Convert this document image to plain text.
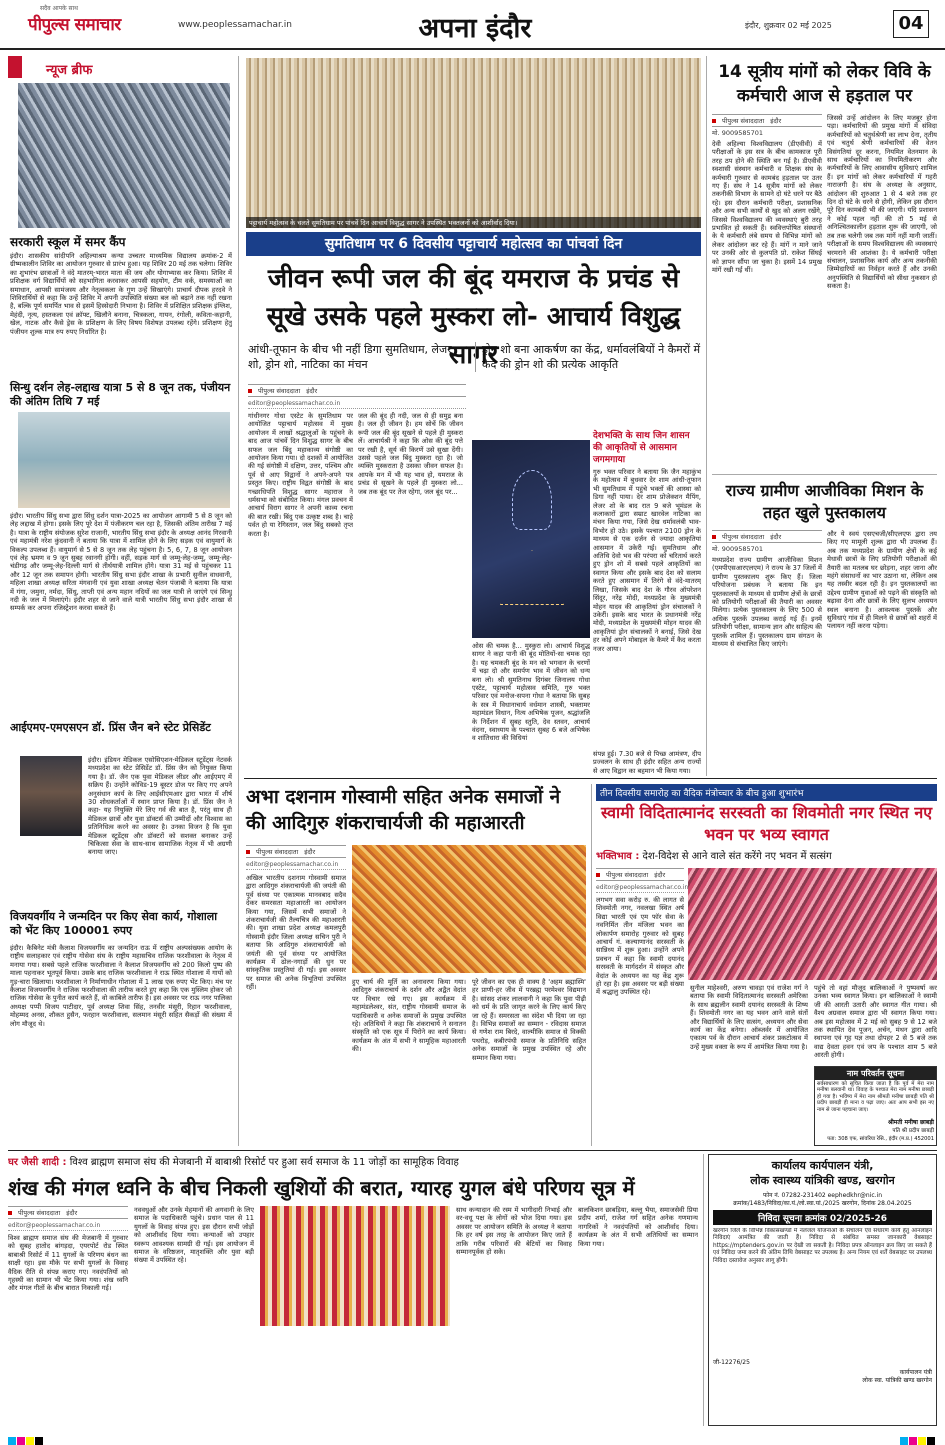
सदैव आपके साथ
पीपुल्स समाचार	www.peoplessamachar.in	अपना इंदौर	इंदौर, शुक्रवार 02 मई 2025	04
न्यूज ब्रीफ
सरकारी स्कूल में समर कैंप
इंदौर। शासकीय सांदीपनि अहिल्याश्रम कन्या उच्चतर माध्यमिक विद्यालय क्रमांक-2 में ग्रीष्मकालीन शिविर का आयोजन गुरुवार से प्रारंभ हुआ। यह शिविर 20 मई तक चलेगा। शिविर का शुभारंभ छात्राओं ने वंदे मातरम्-भारत माता की जय और योगाभ्यास कर किया। शिविर में प्रशिक्षक वर्ग विद्यार्थियों को सहभागिता करवाकर आपसी सहयोग, टीम वर्क, समस्याओं का समाधान, आपसी सामंजस्य और नेतृत्वकला के गुण उन्हें सिखाएंगे। प्राचार्य दीपक हरदवे ने शिविरार्थियों से कहा कि उन्हें शिविर में अपनी उपस्थिति संख्या बल को बढ़ाने तक नहीं रखना है, बल्कि पूर्ण समर्पित भाव से इसमें हिस्सेदारी निभाना है। शिविर में प्रशिक्षित प्रशिक्षक इंग्लिश, मेहंदी, नृत्य, हस्तकला एवं क्रॉफ्ट, खिलौने बनाना, चित्रकला, गायन, रंगोली, कविता-कहानी, खेल, नाटक और कैसे ड्रेस के प्रशिक्षण के लिए विषय विशेषज्ञ उपलब्ध रहेंगे। प्रशिक्षण हेतु पंजीयन शुल्क मात्र रुप रुपए निर्धारित है।
सिन्धु दर्शन लेह-लद्दाख यात्रा 5 से 8 जून तक, पंजीयन की अंतिम तिथि 7 मई
इंदौर। भारतीय सिंधु सभा द्वारा सिंधु दर्शन यात्रा-2025 का आयोजन आगामी 5 से 8 जून को लेह लद्दाख में होगा। इसके लिए पूरे देश में पंजीकरण चल रहा है, जिसकी अंतिम तारीख 7 मई है। यात्रा के राष्ट्रीय संयोजक सुरेश राजानी, भारतीय सिंधु सभा इंदौर के अध्यक्ष आनंद गिरवानी एवं महामंत्री नरेश कुंदवानी ने बताया कि यात्रा में शामिल होने के लिए सड़क एवं वायुमार्ग के विकल्प उपलब्ध हैं। वायुमार्ग से 5 से 8 जून तक लेह पहुंचना है। 5, 6, 7, 8 जून आयोजन एवं लेह भ्रमण व 9 जून सुबह रवानगी होगी। वहीं, सड़क मार्ग से जम्मू-लेह-जम्मू, जम्मू-लेह-चंडीगढ़ और जम्मू-लेह-दिल्ली मार्ग से तीर्थयात्री शामिल होंगे। यात्रा 31 मई से पहुंचकर 11 और 12 जून तक समापन होगी। भारतीय सिंधु सभा इंदौर शाखा के प्रभारी सुनील वाधवानी, महिला शाखा अध्यक्ष सरिता मंगवानी एवं युवा शाखा अध्यक्ष चेतन पंजाबी ने बताया कि यात्रा में गंगा, जमुना, नर्मदा, सिंधु, ताप्ती एवं अन्य महान नदियों का जल यात्री ले जाएंगे एवं सिन्धु नदी के जल में मिलाएंगे। इंदौर शहर से जाने वाले यात्री भारतीय सिंधु सभा इंदौर शाखा से सम्पर्क कर अपना रजिस्ट्रेशन करवा सकते हैं।
आईएमए-एमएसएन डॉ. प्रिंस जैन बने स्टेट प्रेसिडेंट
इंदौर। इंडियन मेडिकल एसोसिएशन-मेडिकल स्टूडेंट्स नेटवर्क मध्यप्रदेश का स्टेट प्रेसिडेंट डॉ. प्रिंस जैन को नियुक्त किया गया है। डॉ. जैन एक युवा मेडिकल लीडर और आईएमए में सक्रिय हैं। उन्होंने कोविड-19 बूस्टर डोज पर किए गए अपने अनुसंधान कार्य के लिए आईसीएमआर द्वारा भारत में शीर्ष 30 शोधकर्ताओं में स्थान प्राप्त किया है। डॉ. प्रिंस जैन ने कहा- यह नियुक्ति मेरे लिए गर्व की बात है, परंतु साथ ही मेडिकल छात्रों और युवा डॉक्टर्स की उम्मीदों और विश्वास का प्रतिनिधित्व करने का अवसर है। उनका विजन है कि युवा मेडिकल स्टूडेंट्स और डॉक्टरों को सशक्त बनाकर उन्हें चिकित्सा सेवा के साथ-साथ सामाजिक नेतृत्व में भी अग्रणी बनाया जाए।
विजयवर्गीय ने जन्मदिन पर किए सेवा कार्य, गोशाला को भेंट किए 100001 रुपए
इंदौर। कैबिनेट मंत्री कैलाश विजयवर्गीय का जन्मदिन राऊ में राष्ट्रीय अल्पसंख्यक आयोग के राष्ट्रीय सलाहकार एवं राष्ट्रीय गोसेवा संघ के राष्ट्रीय महासचिव राजिक फरशीवाला के नेतृत्व में मनाया गया। सबसे पहले राजिक फरशीवाला ने कैलाश विजयवर्गीय को 200 किलो पुष्प की माला पहनाकर भूतपूर्व किया। उसके बाद राजिक फरशीवाला ने राऊ स्थित गोशाला में गायों को गुड़-चारा खिलाया। फरशीवाला ने निर्माणाधीन गोशाला में 1 लाख एक रुपए भेंट किए। मंच पर कैलाश विजयवर्गीय ने राजिक फरशीवाला की तारीफ करते हुए कहा कि एक मुस्लिम होकर जो राजिक गोसेवा के पुनीत कार्य करते हैं, वो काबिले तारीफ है। इस अवसर पर राऊ नगर पालिका अध्यक्ष पप्पी विजय पाटीदार, पूर्व अध्यक्ष शिवा सिंह, तनवीर मंसूरी, रिहान फरशीवाला, मोहम्मद अनस, शौकत हुसैन, फरहान फरशीवाला, सलमान मंसूरी सहित सैकड़ों की संख्या में लोग मौजूद थे।
पट्टाचार्य महोत्सव के चलते सुमतिधाम पर पांचवें दिन आचार्य विशुद्ध सागर ने उपस्थित भक्तजनों को आशीर्वाद दिया।
सुमतिधाम पर 6 दिवसीय पट्टाचार्य महोत्सव का पांचवां दिन
जीवन रूपी जल की बूंद यमराज के प्रचंड से सूखे उसके पहले मुस्करा लो- आचार्य विशुद्ध सागर
आंधी-तूफान के बीच भी नहीं डिगा सुमतिधाम, लेजर शो, ड्रोन शो, नाटिका का मंचन
ड्रोन शो बना आकर्षण का केंद्र, धर्मावलंबियों ने कैमरों में कैद की ड्रोन शो की प्रत्येक आकृति
पीपुल्स संवाददाता इंदौर
editor@peoplessamachar.co.in
गांधीनगर गोधा एस्टेट के सुमतिधाम पर आयोजित पट्टाचार्य महोत्सव में मुख्य आयोजन में लाखों श्रद्धालुओं के पहुंचने के बाद आज पांचवें दिन विशुद्ध सागर के बीच सफल जल बिंदु महाकाव्य संगोष्ठी का आयोजन किया गया। दो दशकों में आयोजित की गई संगोष्ठी में दक्षिण, उत्तर, पश्चिम और पूर्व से आए विद्वानों ने अपने-अपने पत्र प्रस्तुत किए। राष्ट्रीय विद्वत संगोष्ठी के बाद गच्छाधिपति विशुद्ध सागर महाराज ने धर्मसभा को संबोधित किया। मंगल प्रवचन में आचार्य विराग सागर ने अपनी काव्य रचना की बात रखी। बिंदु एक उत्कृष्ट शब्द है। चाहे पर्वत हो या रेगिस्तान, जल बिंदु सबको तृप्त करता है।
जल की बूंद ही नदी, जल से ही समुद्र बना है। जल ही जीवन है। हम सोचें कि जीवन रूपी जल की बूंद सूखने से पहले ही मुस्करा लें। आचार्यश्री ने कहा कि ओस की बूंद पत्ते पर रखी है, सूर्य की किरणें उसे सुखा देंगी। उससे पहले जल बिंदु मुस्करा रहा है। जो व्यक्ति मुस्कराता है उसका जीवन सफल है। आपके मन में भी यह भाव हो, यमराज के प्रचंड से सूखने के पहले ही मुस्करा लो... जब तक बूंद पर तेज रहेगा, जल बूंद पर...
देशभक्ति के साथ जिन शासन की आकृतियों से आसमान जगमगाया
गुरु भक्त परिवार ने बताया कि जैन महाकुंभ के महोत्सव में बुधवार देर शाम आंधी-तूफान भी सुमतिधाम में पहुंचे भक्तों की आस्था को डिगा नहीं पाया। देर शाम प्रोजेक्शन मैपिंग, लेजर शो के बाद रात 9 बजे भूमंडल के कलाकारों द्वारा सम्राट खारवेल नाटिका का मंचन किया गया, जिसे देख धर्मावलंबी भाव-विभोर हो उठे। इसके पश्चात 2100 ड्रोन के माध्यम से एक दर्जन से ज्यादा आकृतियां आसमान में उकेरी गईं। सुमतिधाम और अतिथि देवो भव की परंपरा को चरितार्थ करते हुए ड्रोन शो में सबसे पहले आकृतियों का स्वागत किया और इसके बाद देश को सलाम करते हुए आसमान में तिरंगे से वंदे-मातरम् लिखा, जिसके बाद देश के गौरव ऑपरेशन सिंदूर, नरेंद्र मोदी, मध्यप्रदेश के मुख्यमंत्री मोहन यादव की आकृतियां ड्रोन संचालकों ने उकेरीं। इसके बाद भारत के प्रधानमंत्री नरेंद्र मोदी, मध्यप्रदेश के मुख्यमंत्री मोहन यादव की आकृतियां ड्रोन संचालकों ने बनाई, जिसे देख हर कोई अपने मोबाइल के कैमरे में कैद करता नजर आया।
ओस की चमक है... मुस्कुरा लो। आचार्य विशुद्ध सागर ने कहा पानी की बूंद मोतियों-सा चमक रहा है। यह चमकती बूंद के मन को भगवान के चरणों में चढ़ा दो और समर्पण भाव में जीवन को धन्य बना लो। श्री सुमतिनाथ दिगंबर जिनालय गोधा एस्टेट, पट्टाचार्य महोत्सव समिति, गुरु भक्त परिवार एवं मनोज-सपना गोधा ने बताया कि सुबह के सत्र में विधानाचार्य वर्धमान शास्त्री, भक्तामर महामंडल विधान, नित्य अभिषेक पूजन, श्रद्धांजलि के निर्देशन में सुबह स्तुति, देव स्तवन, आचार्य वंदना, स्वाध्याय के पश्चात सुबह 6 बजे अभिषेक व शांतिधारा की विधियां
संपन्न हुई। 7.30 बजे से पिच्छ आमंत्रण, दीप प्रज्वलन के साथ ही इंदौर सहित अन्य राज्यों से आए विद्वान का बहुमान भी किया गया।
14 सूत्रीय मांगों को लेकर विवि के कर्मचारी आज से हड़ताल पर
पीपुल्स संवाददाता इंदौर
मो. 9009585701
देवी अहिल्या विश्वविद्यालय (डीएवीवी) में परीक्षाओं के इस सत्र के बीच कामकाज पूरी तरह ठप होने की स्थिति बन गई है। डीएवीवी स्वशासी संस्थान कर्मचारी व शिक्षक संघ के कर्मचारी गुरुवार से कामबंद हड़ताल पर उतर गए हैं। संघ ने 14 सूत्रीय मांगों को लेकर तकनीकी विभाग के सामने दो घंटे धरने पर बैठे रहे। इस दौरान कर्मचारी परीक्षा, प्रशासनिक और अन्य सभी कार्यों से खुद को अलग रखेंगे, जिससे विश्वविद्यालय की व्यवस्थाएं बुरी तरह प्रभावित हो सकती हैं। स्ववित्तपोषित संस्थानों के ये कर्मचारी लंबे समय से विभिन्न मांगों को लेकर आंदोलन कर रहे हैं। मांगें न माने जाने पर उनकी ओर से कुलपति प्रो. राकेश सिंघई को ज्ञापन सौंपा जा चुका है। इसमें 14 प्रमुख मांगें रखी गईं थीं।
जिससे उन्हें आंदोलन के लिए मजबूर होना पड़ा। कर्मचारियों की प्रमुख मांगों में संविदा कर्मचारियों को चतुर्थश्रेणी का लाभ देना, तृतीय एवं चतुर्थ श्रेणी कर्मचारियों की वेतन विसंगतियां दूर करना, नियमित वेतनमान के साथ कर्मचारियों का नियमितीकरण और कर्मचारियों के लिए आवासीय सुविधाएं शामिल हैं। इन मांगों को लेकर कर्मचारियों में गहरी नाराजगी है। संघ के अध्यक्ष के अनुसार, आंदोलन की शुरुआत 1 से 4 बजे तक हर दिन दो घंटे के धरने से होगी, लेकिन इस दौरान पूरे दिन कामबंदी भी की जाएगी। यदि प्रशासन ने कोई पहल नहीं की तो 5 मई से अनिश्चितकालीन हड़ताल शुरू की जाएगी, जो तब तक चलेगी जब तक मांगें नहीं मानी जातीं। परीक्षाओं के समय विश्वविद्यालय की व्यवस्थाएं चरमराने की आशंका है। ये कर्मचारी परीक्षा संचालन, प्रशासनिक कार्य और अन्य तकनीकी जिम्मेदारियों का निर्वहन करते हैं और उनकी अनुपस्थिति से विद्यार्थियों को सीधा नुकसान हो सकता है।
राज्य ग्रामीण आजीविका मिशन के तहत खुले पुस्तकालय
पीपुल्स संवाददाता इंदौर
मो. 9009585701
मध्यप्रदेश राज्य ग्रामीण आजीविका मिशन (एमपीएसआरएलएम) ने राज्य के 37 जिलों में ग्रामीण पुस्तकालय शुरू किए हैं। जिला परियोजना प्रबंधक ने बताया कि इन पुस्तकालयों के माध्यम से ग्रामीण क्षेत्रों के छात्रों को प्रतियोगी परीक्षाओं की तैयारी का अवसर मिलेगा। प्रत्येक पुस्तकालय के लिए 500 से अधिक पुस्तकें उपलब्ध कराई गई हैं। इनमें प्रतियोगी परीक्षा, सामान्य ज्ञान और साहित्य की पुस्तकें शामिल हैं। पुस्तकालय ग्राम संगठन के माध्यम से संचालित किए जाएंगे।
और ये स्वयं एसएचजी/सीएलएफ द्वारा तय किए गए मामूली शुल्क द्वारा भी उपलब्ध हैं। अब तक मध्यप्रदेश के ग्रामीण क्षेत्रों के कई मेधावी छात्रों के लिए प्रतियोगी परीक्षाओं की तैयारी का मतलब घर छोड़ना, शहर जाना और महंगे संसाधनों का भार उठाना था, लेकिन अब यह तस्वीर बदल रही है। इन पुस्तकालयों का उद्देश्य ग्रामीण युवाओं को पढ़ने की संस्कृति को बढ़ावा देना और छात्रों के लिए सुलभ अध्ययन स्थल बनाना है। आवश्यक पुस्तकें और सुविधाएं गांव में ही मिलने से छात्रों को शहरों में पलायन नहीं करना पड़ेगा।
अभा दशनाम गोस्वामी सहित अनेक समाजों ने की आदिगुरु शंकराचार्यजी की महाआरती
पीपुल्स संवाददाता इंदौर
editor@peoplessamachar.co.in
अखिल भारतीय दशनाम गोस्वामी समाज द्वारा आदिगुरु शंकराचार्यजी की जयंती की पूर्व संध्या पर एकात्मक मानवबाद सदैव देकर समरसता महाआरती का आयोजन किया गया, जिसमें सभी समाजों ने शंकराचार्यजी की तैल्यचित्र की महाआरती की। युवा शाखा प्रदेश अध्यक्ष कमलपुरी गोस्वामी इंदौर जिला अध्यक्ष सचिन पुरी ने बताया कि आदिगुरु शंकराचार्यजी को जयंती की पूर्व संध्या पर आयोजित कार्यक्रम में ढोल-नगाड़ों की धुन पर सांस्कृतिक प्रस्तुतियां दी गईं। इस अवसर पर समाज की अनेक विभूतियां उपस्थित रहीं।
हुए चार्य की मूर्ति का अनावरण किया गया। आदिगुरु शंकराचार्य के दर्शन और अद्वैत वेदांत पर विचार रखे गए। इस कार्यक्रम में महामंडलेश्वर, संत, राष्ट्रीय गोस्वामी समाज के पदाधिकारी व अनेक समाजों के प्रमुख उपस्थित रहे। अतिथियों ने कहा कि शंकराचार्य ने सनातन संस्कृति को एक सूत्र में पिरोने का कार्य किया। कार्यक्रम के अंत में सभी ने सामूहिक महाआरती की।
पूरे जीवन का एक ही वाक्य है 'अहम ब्रह्मास्मि' हर प्राणी-हर जीव में परब्रह्म परमेश्वर विद्यमान है। सांसद शंकर लालवानी ने कहा कि युवा पीढ़ी को धर्म के प्रति जागृत करने के लिए कार्य किए जा रहे हैं। समरसता का संदेश भी दिया जा रहा है। विभिन्न समाजों का सम्मान - रविदास समाज से गणेश राम बिरदे, वाल्मीकि समाज से विक्की पथरोड़, कबीरपंथी समाज के प्रतिनिधि सहित अनेक समाजों के प्रमुख उपस्थित रहे और सम्मान किया गया।
तीन दिवसीय समारोह का वैदिक मंत्रोच्चार के बीच हुआ शुभारंभ
स्वामी विदितात्मानंद सरस्वती का शिवमोती नगर स्थित नए भवन पर भव्य स्वागत
भक्तिभाव : देश-विदेश से आने वाले संत करेंगे नए भवन में सत्संग
पीपुल्स संवाददाता इंदौर
editor@peoplessamachar.co.in
लगभग सवा करोड़ रु. की लागत से शिवमोती नगर, नवलखा स्थित अर्ष विद्या भारती एवं एम फॉर सेवा के नवनिर्मित तीन मंजिला भवन का लोकार्पण समारोह गुरुवार को सुबह आचार्य गं. कल्याणानंद सरस्वती के सान्निध्य में शुरू हुआ। उन्होंने अपने प्रवचन में कहा कि स्वामी दयानंद सरस्वती के मार्गदर्शन में संस्कृत और वेदांत के अध्ययन का यह केंद्र शुरू हो रहा है। इस अवसर पर बड़ी संख्या में श्रद्धालु उपस्थित रहे।
सुनील माहेश्वरी, अरुण चावड़ा एवं राजेश गर्ग ने बताया कि स्वामी विदितात्मानंद सरस्वती अमेरिका के साथ ब्रह्मलीन स्वामी दयानंद सरस्वती के शिष्य हैं। शिवमोती नगर का यह भवन आने वाले संतों और विद्यार्थियों के लिए सत्संग, अध्ययन और सेवा कार्य का केंद्र बनेगा। ऑब्जर्वर में आयोजित एकात्म पर्व के दौरान आचार्य शंकर प्रकटोत्सव में उन्हें मुख्य वक्ता के रूप में आमंत्रित किया गया है।
पहुंचे तो वहां मौजूद बालिकाओं ने पुष्पवर्षा कर उनका भव्य स्वागत किया। इन बालिकाओं ने स्वामी जी की आरती उतारी और स्वागत गीत गाया। श्री वैश्य अग्रवाल समाज द्वारा भी स्वागत किया गया। अब इस महोत्सव में 2 मई को सुबह 9 से 12 बजे तक स्थापित देव पूजन, अर्चन, मंथन द्वारा आदि स्थापना एवं गृह यज्ञ तथा दोपहर 2 से 5 बजे तक वाद्य देवता हवन एवं जप के पश्चात शाम 5 बजे आरती होगी।
नाम परिवर्तन सूचना
सर्वसाधारण को सूचित किया जाता है कि पूर्व में मेरा नाम मनीषा बलवानी था। विवाह के पश्चात मेरा नाम मनीषा छाबड़ी हो गया है। भविष्य में मेरा नाम श्रीमती मनीषा छाबड़ी पति श्री प्रदीप छाबड़ी ही माना व पढ़ा जाए। अतः आप सभी इस नए नाम से जाना पहचाना जाए।
श्रीमती मनीषा छाबड़ी
पति श्री प्रदीप छाबड़ी
पता: 308 एफ, सांवरिया रेसि., इंदौर (म.प्र.) 452001
घर जैसी शादी : विश्व ब्राह्मण समाज संघ की मेजबानी में बाबाश्री रिसोर्ट पर हुआ सर्व समाज के 11 जोड़ों का सामूहिक विवाह
शंख की मंगल ध्वनि के बीच निकली खुशियों की बरात, ग्यारह युगल बंधे परिणय सूत्र में
पीपुल्स संवाददाता इंदौर
editor@peoplessamachar.co.in
विश्व ब्राह्मण समाज संघ की मेजबानी में गुरुवार को सुबह हातोद बांगड़दा, एयरपोर्ट रोड स्थित बाबाश्री रिसोर्ट में 11 युगलों के परिणय बंधन का साक्षी रहा। इस मौके पर सभी युगलों के विवाह वैदिक रीति से संपन्न कराए गए। नवदंपतियों को गृहस्थी का सामान भी भेंट किया गया। शंख ध्वनि और मंगल गीतों के बीच बारात निकाली गई।
नववधुओं और उनके मेहमानों की अगवानी के लिए समाज के पदाधिकारी पहुंचे। प्रधान पाल से 11 युगलों के विवाह संपन्न हुए। इस दौरान सभी जोड़ों को आशीर्वाद दिया गया। कन्याओं को उपहार स्वरूप आवश्यक सामग्री दी गई। इस आयोजन में समाज के वरिष्ठजन, मातृशक्ति और युवा बड़ी संख्या में उपस्थित रहे।
साथ कन्यादान की रस्म में भागीदारी निभाई और वर-वधू पक्ष के लोगों को भोज दिया गया। इस अवसर पर आयोजन समिति के अध्यक्ष ने बताया कि हर वर्ष इस तरह के आयोजन किए जाते हैं ताकि गरीब परिवारों की बेटियों का विवाह सम्मानपूर्वक हो सके।
बालकिशन छाबड़िया, बल्लू भैया, समाजसेवी प्रिया प्रदीप शर्मा, राजेश गर्ग सहित अनेक गणमान्य नागरिकों ने नवदंपतियों को आशीर्वाद दिया। कार्यक्रम के अंत में सभी अतिथियों का सम्मान किया गया।
कार्यालय कार्यपालन यंत्री,
लोक स्वास्थ्य यांत्रिकी खण्ड, खरगोन
फोन नं. 07282-231402 eephedkhr@nic.in
क्रमांक/1483/निविदा/का.यं./लो.स्वा.यां./2025 खरगोन, दिनांक 28.04.2025
निविदा सूचना क्रमांक 02/2025-26
खरगोन जिले के विभिन्न विकासखण्डों में नलजल योजनाओं के संचालन एवं संधारण कार्य हेतु ऑनलाइन निविदाएं आमंत्रित की जाती हैं। निविदा से संबंधित समस्त जानकारी वेबसाइट https://mptenders.gov.in पर देखी जा सकती है। निविदा प्रपत्र ऑनलाइन क्रय किए जा सकते हैं एवं निविदा जमा करने की अंतिम तिथि वेबसाइट पर उपलब्ध है। अन्य नियम एवं शर्तें वेबसाइट पर उपलब्ध निविदा दस्तावेज अनुसार लागू होंगी।
जी-12276/25
कार्यपालन यंत्री
लोक स्वा. यांत्रिकी खण्ड खरगोन
